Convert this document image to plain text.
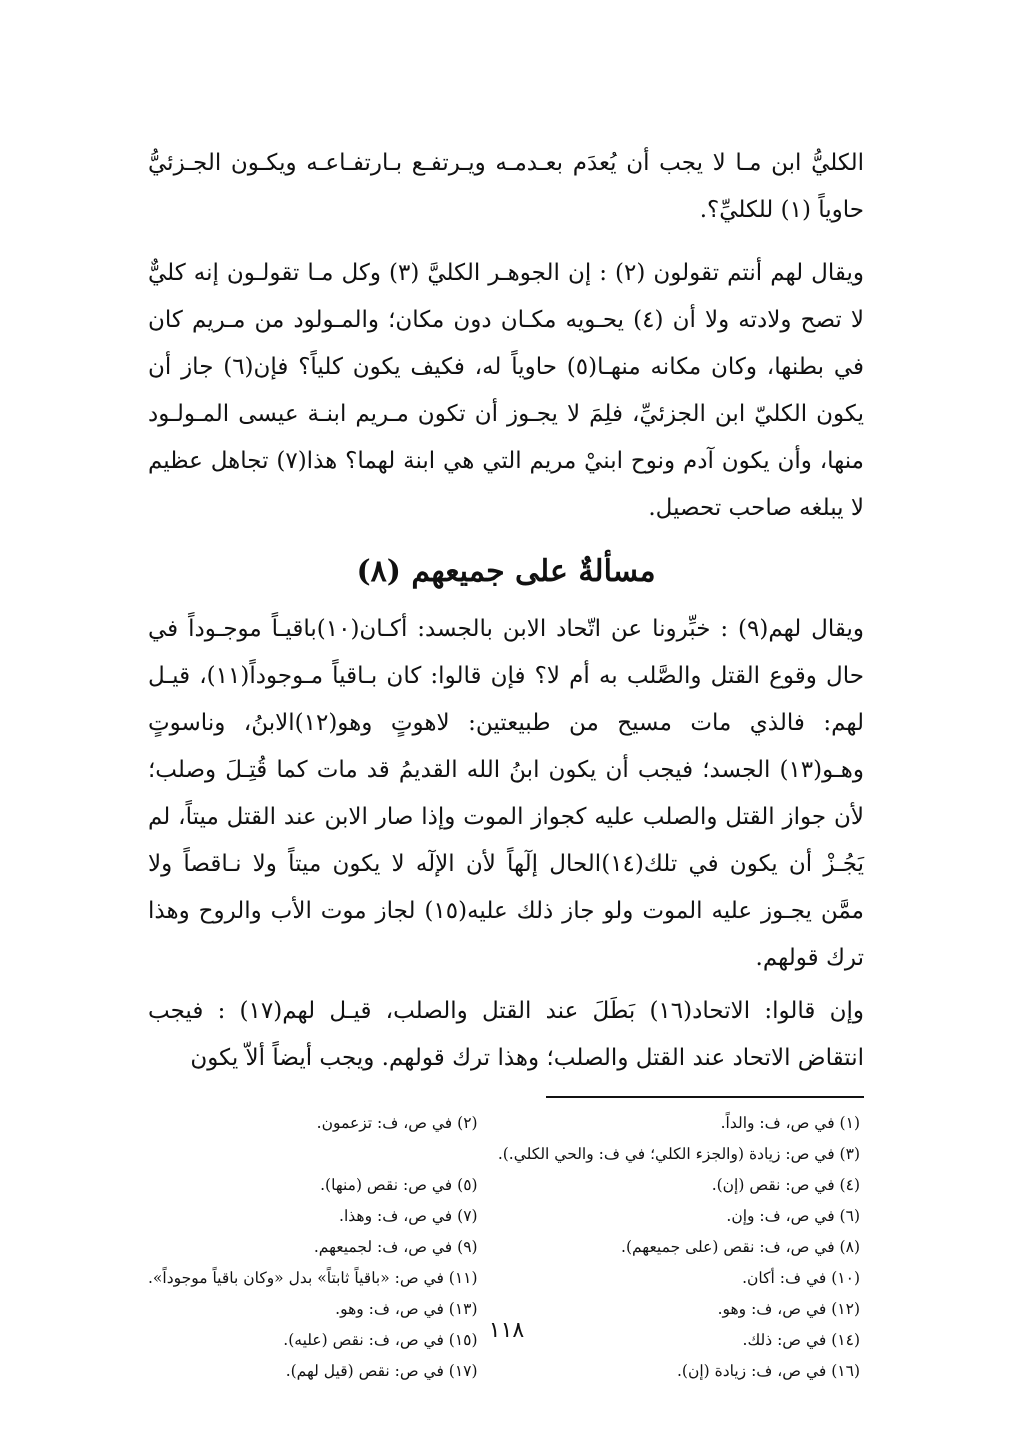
الكليُّ ابن مـا لا يجب أن يُعدَم بعـدمـه ويـرتفـع بـارتفـاعـه ويكـون الجـزئيُّ حاوياً (١) للكليِّ؟.

ويقال لهم أنتم تقولون (٢) : إن الجوهـر الكليَّ (٣) وكل مـا تقولـون إنه كليٌّ لا تصح ولادته ولا أن (٤) يحـويه مكـان دون مكان؛ والمـولود من مـريم كان في بطنها، وكان مكانه منهـا(٥) حاوياً له، فكيف يكون كلياً؟ فإن(٦) جاز أن يكون الكليّ ابن الجزئيِّ، فلِمَ لا يجـوز أن تكون مـريم ابنـة عيسى المـولـود منها، وأن يكون آدم ونوح ابنيْ مريم التي هي ابنة لهما؟ هذا(٧) تجاهل عظيم لا يبلغه صاحب تحصيل.

مسألةٌ على جميعهم (٨)

ويقال لهم(٩) : خبِّرونا عن اتّحاد الابن بالجسد: أكـان(١٠)باقيـاً موجـوداً في حال وقوع القتل والصَّلب به أم لا؟ فإن قالوا: كان بـاقياً مـوجوداً(١١)، قيـل لهم: فالذي مات مسيح من طبيعتين: لاهوتٍ وهو(١٢)الابنُ، وناسوتٍ وهـو(١٣) الجسد؛ فيجب أن يكون ابنُ الله القديمُ قد مات كما قُتِـلَ وصلب؛ لأن جواز القتل والصلب عليه كجواز الموت وإذا صار الابن عند القتل ميتاً، لم يَجُـزْ أن يكون في تلك(١٤)الحال إلٓهاً لأن الإلٓه لا يكون ميتاً ولا نـاقصاً ولا ممَّن يجـوز عليه الموت ولو جاز ذلك عليه(١٥) لجاز موت الأب والروح وهذا ترك قولهم.

وإن قالوا: الاتحاد(١٦) بَطَلَ عند القتل والصلب، قيـل لهم(١٧) : فيجب انتقاض الاتحاد عند القتل والصلب؛ وهذا ترك قولهم. ويجب أيضاً ألاّ يكون

(١) في ص، ف: والداً.
(٢) في ص، ف: تزعمون.
(٣) في ص: زيادة (والجزء الكلي؛ في ف: والحي الكلي.).
(٤) في ص: نقص (إن).
(٥) في ص: نقص (منها).
(٦) في ص، ف: وإن.
(٧) في ص، ف: وهذا.
(٨) في ص، ف: نقص (على جميعهم).
(٩) في ص، ف: لجميعهم.
(١٠) في ف: أكان.
(١١) في ص: «باقياً ثابتاً» بدل «وكان باقياً موجوداً».
(١٢) في ص، ف: وهو.
(١٣) في ص، ف: وهو.
(١٤) في ص: ذلك.
(١٥) في ص، ف: نقص (عليه).
(١٦) في ص، ف: زيادة (إن).
(١٧) في ص: نقص (قيل لهم).
١١٨
